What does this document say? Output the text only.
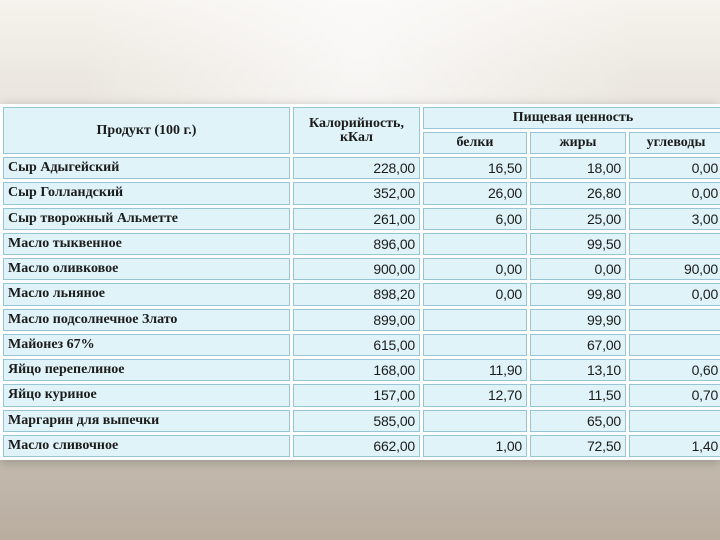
Продукт (100 г.)	Калорийность, кКал	Пищевая ценность		
		белки	жиры	углеводы
Сыр Адыгейский	228,00	16,50	18,00	0,00
Сыр Голландский	352,00	26,00	26,80	0,00
Сыр творожный Альметте	261,00	6,00	25,00	3,00
Масло тыквенное	896,00		99,50	
Масло оливковое	900,00	0,00	0,00	90,00
Масло льняное	898,20	0,00	99,80	0,00
Масло подсолнечное Злато	899,00		99,90	
Майонез 67%	615,00		67,00	
Яйцо перепелиное	168,00	11,90	13,10	0,60
Яйцо куриное	157,00	12,70	11,50	0,70
Маргарин для выпечки	585,00		65,00	
Масло сливочное	662,00	1,00	72,50	1,40
